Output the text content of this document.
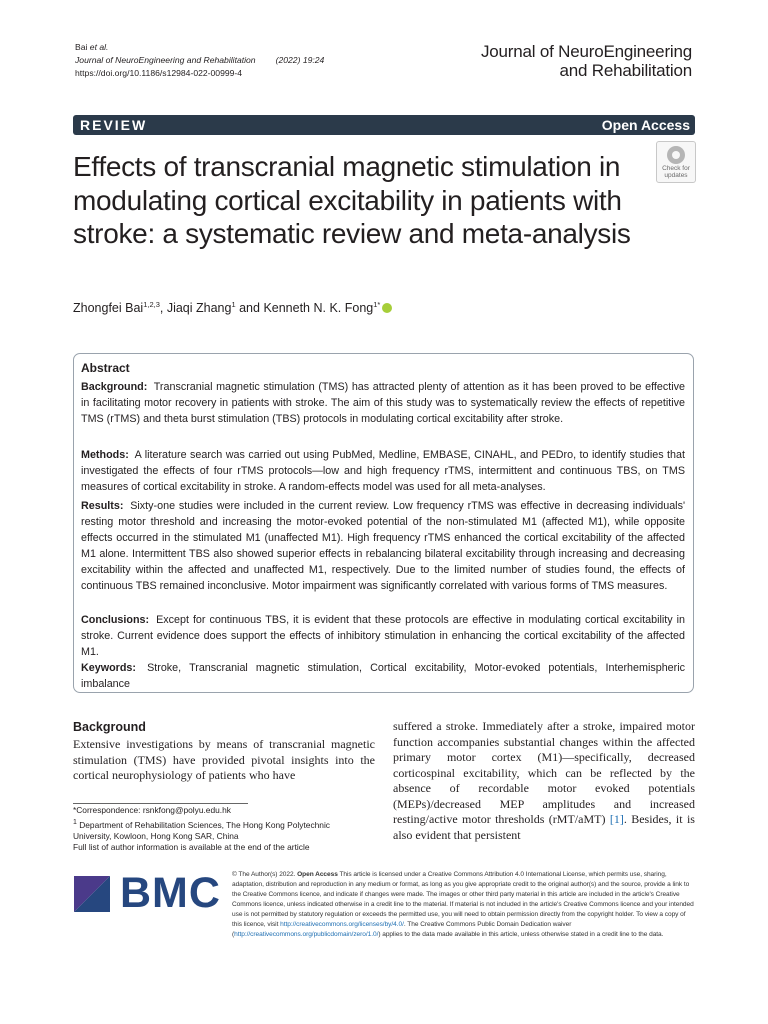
Bai et al.
Journal of NeuroEngineering and Rehabilitation (2022) 19:24
https://doi.org/10.1186/s12984-022-00999-4
Journal of NeuroEngineering
and Rehabilitation
REVIEW	Open Access
Effects of transcranial magnetic stimulation in modulating cortical excitability in patients with stroke: a systematic review and meta-analysis
Check for
updates
Zhongfei Bai$^{1,2,3}$, Jiaqi Zhang$^1$ and Kenneth N. K. Fong$^{1*}$
Abstract
Background: Transcranial magnetic stimulation (TMS) has attracted plenty of attention as it has been proved to be effective in facilitating motor recovery in patients with stroke. The aim of this study was to systematically review the effects of repetitive TMS (rTMS) and theta burst stimulation (TBS) protocols in modulating cortical excitability after stroke.
Methods: A literature search was carried out using PubMed, Medline, EMBASE, CINAHL, and PEDro, to identify studies that investigated the effects of four rTMS protocols—low and high frequency rTMS, intermittent and continuous TBS, on TMS measures of cortical excitability in stroke. A random-effects model was used for all meta-analyses.
Results: Sixty-one studies were included in the current review. Low frequency rTMS was effective in decreasing individuals' resting motor threshold and increasing the motor-evoked potential of the non-stimulated M1 (affected M1), while opposite effects occurred in the stimulated M1 (unaffected M1). High frequency rTMS enhanced the cortical excitability of the affected M1 alone. Intermittent TBS also showed superior effects in rebalancing bilateral excitability through increasing and decreasing excitability within the affected and unaffected M1, respectively. Due to the limited number of studies found, the effects of continuous TBS remained inconclusive. Motor impairment was significantly correlated with various forms of TMS measures.
Conclusions: Except for continuous TBS, it is evident that these protocols are effective in modulating cortical excitability in stroke. Current evidence does support the effects of inhibitory stimulation in enhancing the cortical excitability of the affected M1.
Keywords: Stroke, Transcranial magnetic stimulation, Cortical excitability, Motor-evoked potentials, Interhemispheric imbalance
Background
Extensive investigations by means of transcranial magnetic stimulation (TMS) have provided pivotal insights into the cortical neurophysiology of patients who have
suffered a stroke. Immediately after a stroke, impaired motor function accompanies substantial changes within the affected primary motor cortex (M1)—specifically, decreased corticospinal excitability, which can be reflected by the absence of recordable motor evoked potentials (MEPs)/decreased MEP amplitudes and increased resting/active motor thresholds (rMT/aMT) [1]. Besides, it is also evident that persistent
*Correspondence: rsnkfong@polyu.edu.hk
$^1$ Department of Rehabilitation Sciences, The Hong Kong Polytechnic
University, Kowloon, Hong Kong SAR, China
Full list of author information is available at the end of the article
BMC © The Author(s) 2022. Open Access This article is licensed under a Creative Commons Attribution 4.0 International License, which permits use, sharing, adaptation, distribution and reproduction in any medium or format, as long as you give appropriate credit to the original author(s) and the source, provide a link to the Creative Commons licence, and indicate if changes were made. The images or other third party material in this article are included in the article's Creative Commons licence, unless indicated otherwise in a credit line to the material. If material is not included in the article's Creative Commons licence and your intended use is not permitted by statutory regulation or exceeds the permitted use, you will need to obtain permission directly from the copyright holder. To view a copy of this licence, visit http://creativecommons.org/licenses/by/4.0/. The Creative Commons Public Domain Dedication waiver (http://creativecommons.org/publicdomain/zero/1.0/) applies to the data made available in this article, unless otherwise stated in a credit line to the data.
